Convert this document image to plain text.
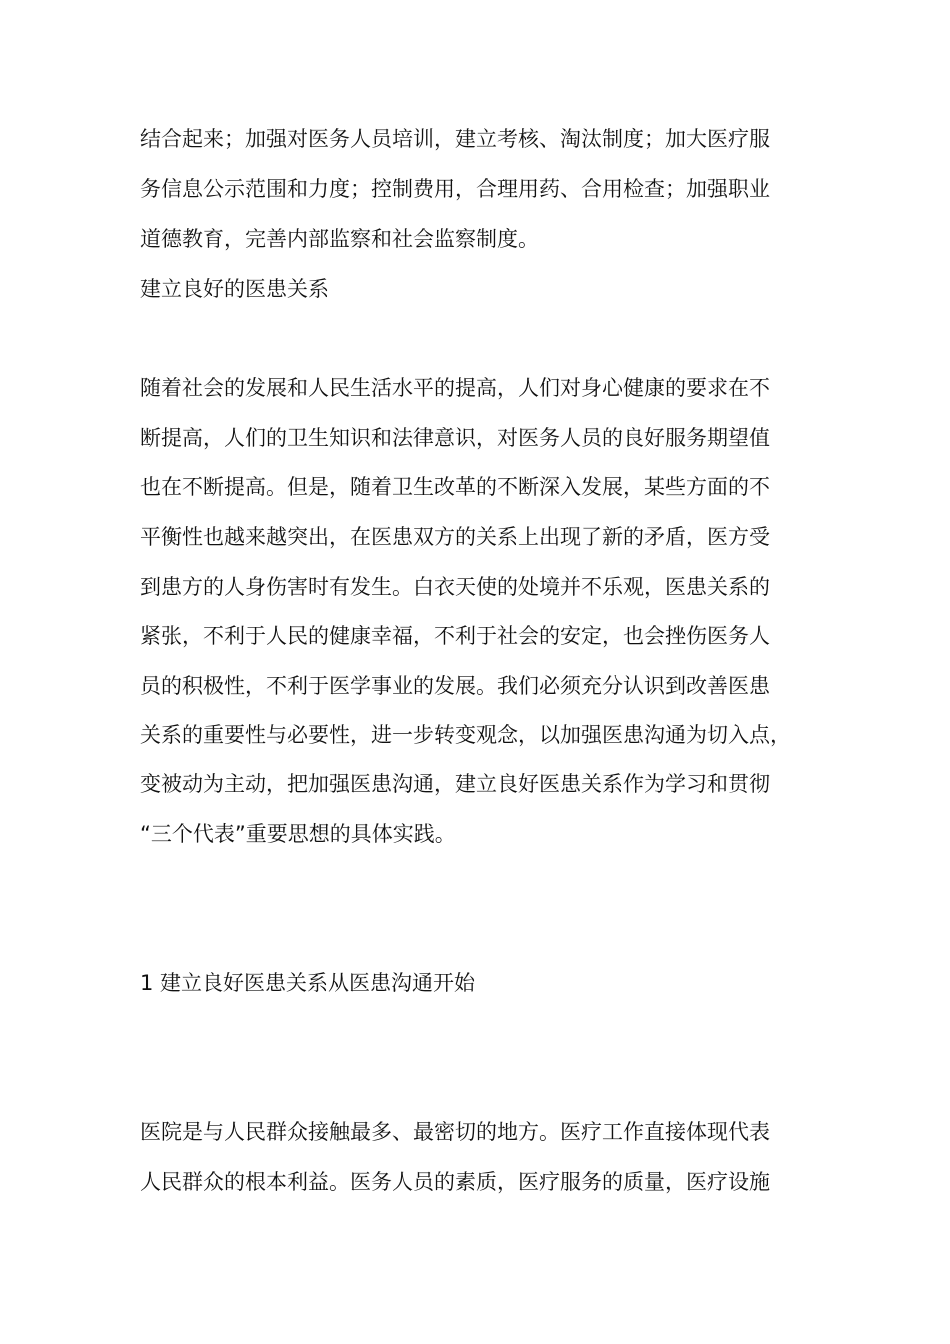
结合起来；加强对医务人员培训，建立考核、淘汰制度；加大医疗服
务信息公示范围和力度；控制费用，合理用药、合用检查；加强职业
道德教育，完善内部监察和社会监察制度。
建立良好的医患关系
随着社会的发展和人民生活水平的提高，人们对身心健康的要求在不
断提高，人们的卫生知识和法律意识，对医务人员的良好服务期望值
也在不断提高。但是，随着卫生改革的不断深入发展，某些方面的不
平衡性也越来越突出，在医患双方的关系上出现了新的矛盾，医方受
到患方的人身伤害时有发生。白衣天使的处境并不乐观，医患关系的
紧张，不利于人民的健康幸福，不利于社会的安定，也会挫伤医务人
员的积极性，不利于医学事业的发展。我们必须充分认识到改善医患
关系的重要性与必要性，进一步转变观念，以加强医患沟通为切入点，
变被动为主动，把加强医患沟通，建立良好医患关系作为学习和贯彻
“三个代表”重要思想的具体实践。
1 建立良好医患关系从医患沟通开始
医院是与人民群众接触最多、最密切的地方。医疗工作直接体现代表
人民群众的根本利益。医务人员的素质，医疗服务的质量，医疗设施
